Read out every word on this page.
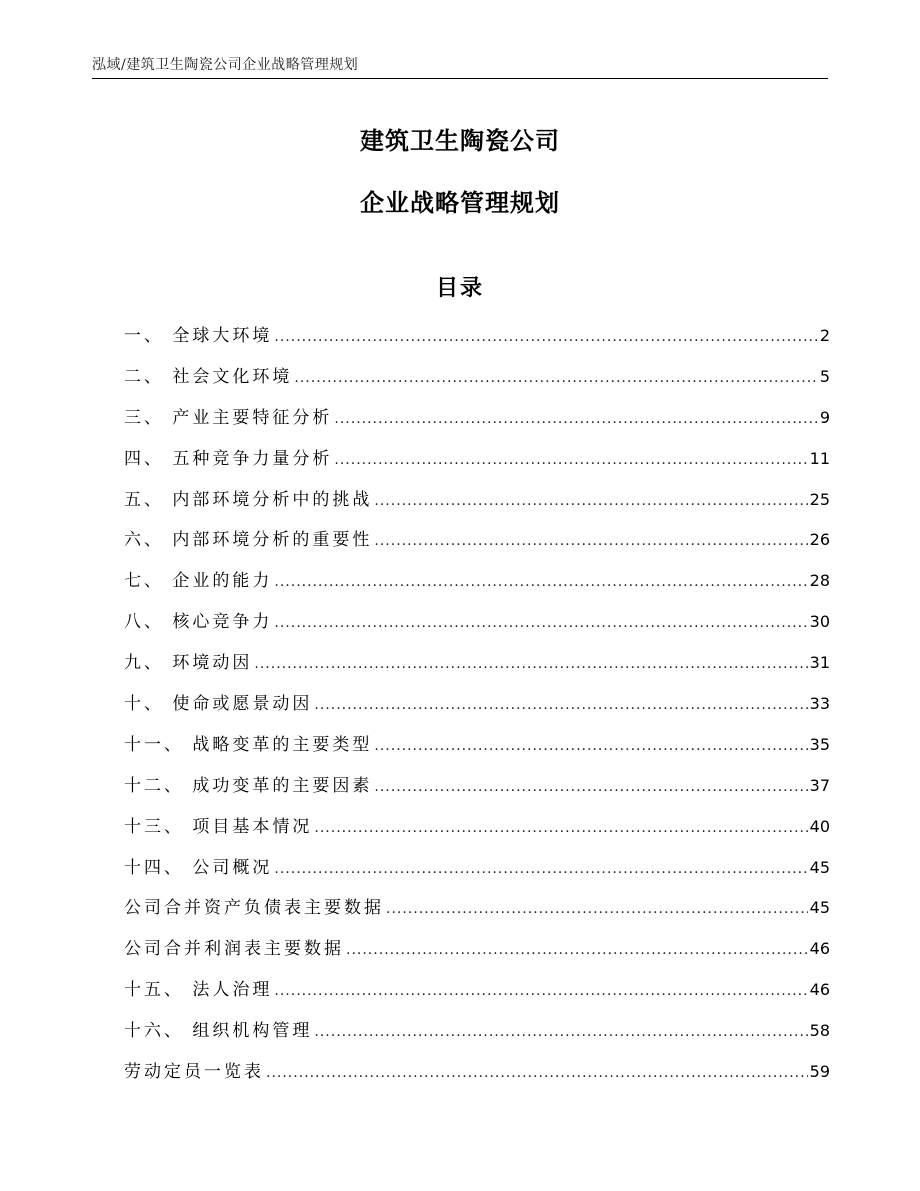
泓域/建筑卫生陶瓷公司企业战略管理规划
建筑卫生陶瓷公司
企业战略管理规划
目录
一、 全球大环境 .....	2
二、 社会文化环境 .....	5
三、 产业主要特征分析 .....	9
四、 五种竞争力量分析 .....	11
五、 内部环境分析中的挑战 .....	25
六、 内部环境分析的重要性 .....	26
七、 企业的能力 .....	28
八、 核心竞争力 .....	30
九、 环境动因 .....	31
十、 使命或愿景动因 .....	33
十一、 战略变革的主要类型 .....	35
十二、 成功变革的主要因素 .....	37
十三、 项目基本情况 .....	40
十四、 公司概况 .....	45
公司合并资产负债表主要数据 .....	45
公司合并利润表主要数据 .....	46
十五、 法人治理 .....	46
十六、 组织机构管理 .....	58
劳动定员一览表 .....	59
